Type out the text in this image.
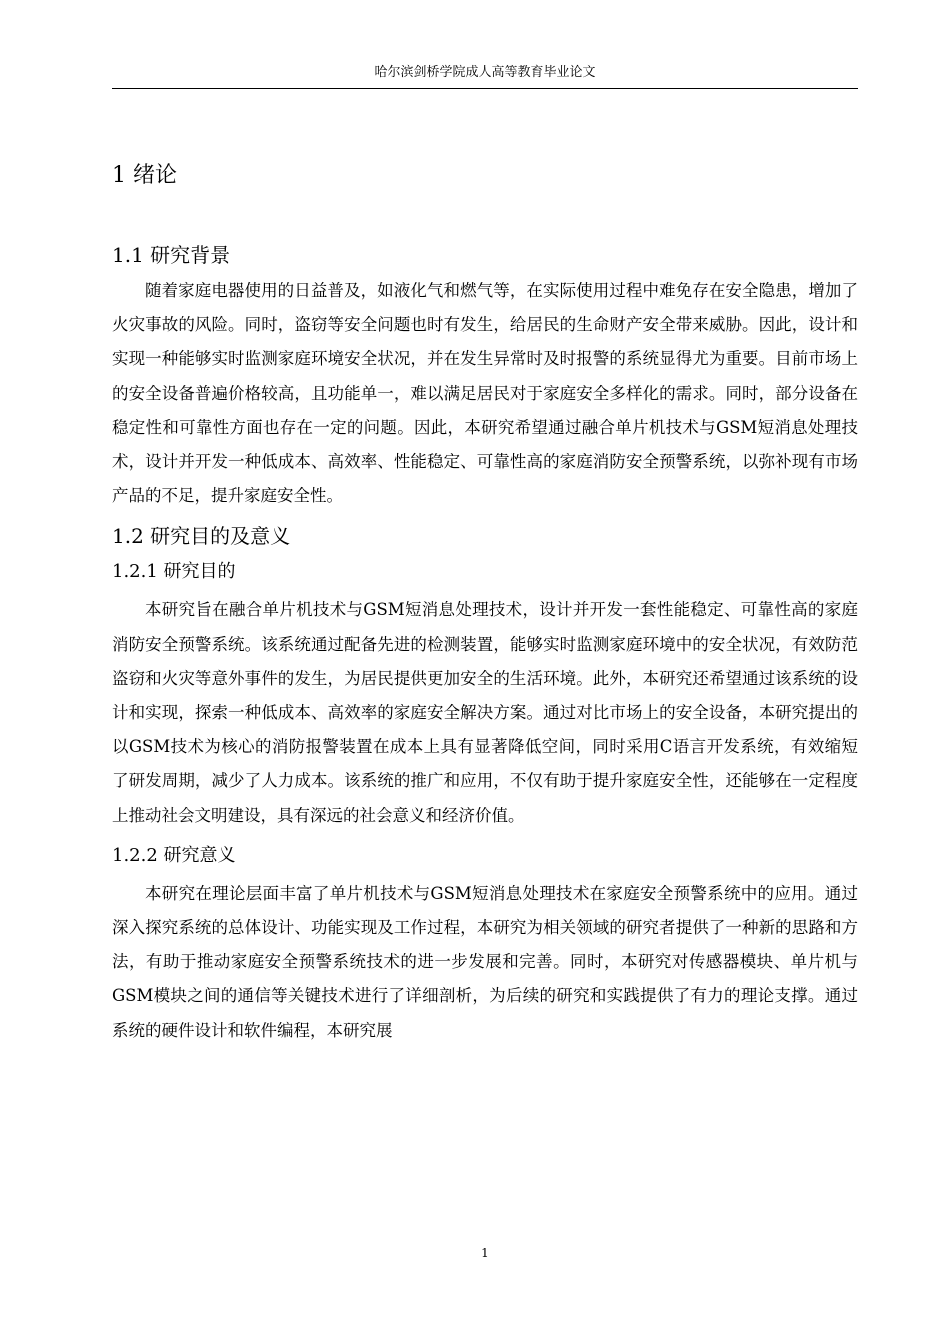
哈尔滨剑桥学院成人高等教育毕业论文
1 绪论
1.1 研究背景

随着家庭电器使用的日益普及，如液化气和燃气等，在实际使用过程中难免存在安全隐患，增加了火灾事故的风险。同时，盗窃等安全问题也时有发生，给居民的生命财产安全带来威胁。因此，设计和实现一种能够实时监测家庭环境安全状况，并在发生异常时及时报警的系统显得尤为重要。目前市场上的安全设备普遍价格较高，且功能单一，难以满足居民对于家庭安全多样化的需求。同时，部分设备在稳定性和可靠性方面也存在一定的问题。因此，本研究希望通过融合单片机技术与GSM短消息处理技术，设计并开发一种低成本、高效率、性能稳定、可靠性高的家庭消防安全预警系统，以弥补现有市场产品的不足，提升家庭安全性。

1.2 研究目的及意义
1.2.1 研究目的

本研究旨在融合单片机技术与GSM短消息处理技术，设计并开发一套性能稳定、可靠性高的家庭消防安全预警系统。该系统通过配备先进的检测装置，能够实时监测家庭环境中的安全状况，有效防范盗窃和火灾等意外事件的发生，为居民提供更加安全的生活环境。此外，本研究还希望通过该系统的设计和实现，探索一种低成本、高效率的家庭安全解决方案。通过对比市场上的安全设备，本研究提出的以GSM技术为核心的消防报警装置在成本上具有显著降低空间，同时采用C语言开发系统，有效缩短了研发周期，减少了人力成本。该系统的推广和应用，不仅有助于提升家庭安全性，还能够在一定程度上推动社会文明建设，具有深远的社会意义和经济价值。

1.2.2 研究意义

本研究在理论层面丰富了单片机技术与GSM短消息处理技术在家庭安全预警系统中的应用。通过深入探究系统的总体设计、功能实现及工作过程，本研究为相关领域的研究者提供了一种新的思路和方法，有助于推动家庭安全预警系统技术的进一步发展和完善。同时，本研究对传感器模块、单片机与GSM模块之间的通信等关键技术进行了详细剖析，为后续的研究和实践提供了有力的理论支撑。通过系统的硬件设计和软件编程，本研究展

1
